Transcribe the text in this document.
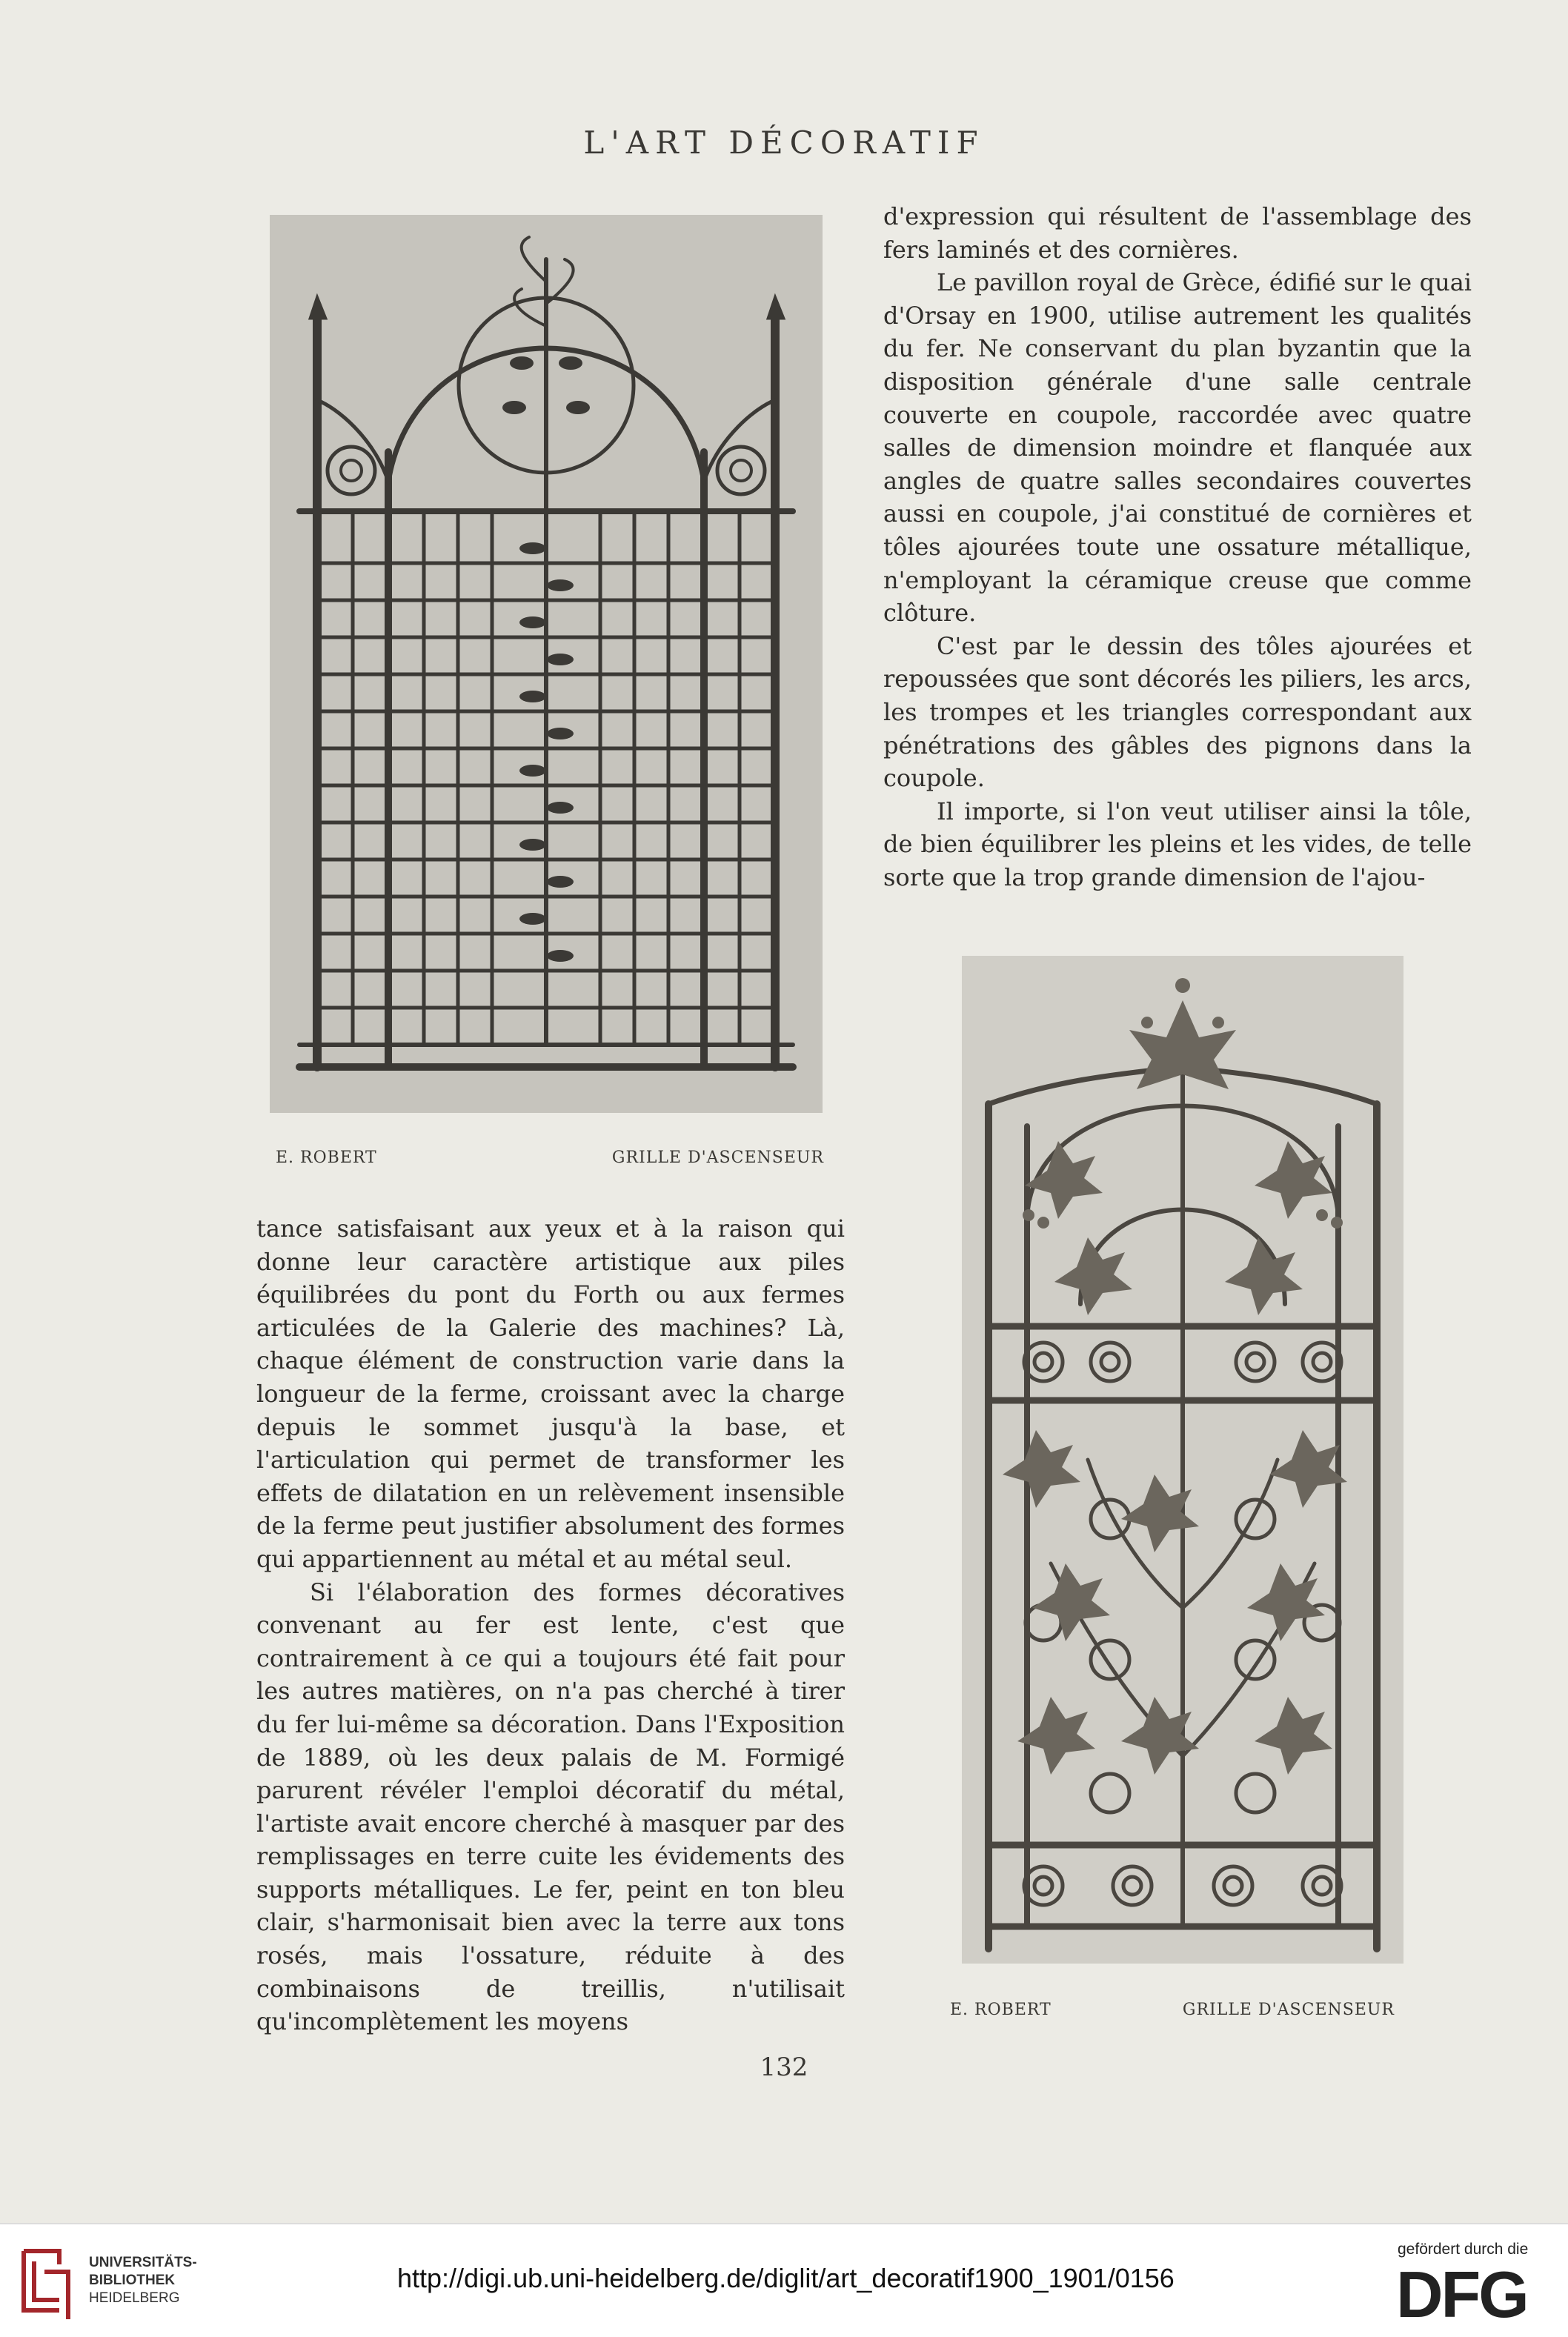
L'ART DÉCORATIF
E. ROBERT	GRILLE D'ASCENSEUR

d'expression qui résultent de l'assemblage des fers laminés et des cornières.

Le pavillon royal de Grèce, édifié sur le quai d'Orsay en 1900, utilise autrement les qualités du fer. Ne conservant du plan byzantin que la disposition générale d'une salle centrale couverte en coupole, raccordée avec quatre salles de dimension moindre et flanquée aux angles de quatre salles secondaires couvertes aussi en coupole, j'ai constitué de cornières et tôles ajourées toute une ossature métallique, n'employant la céramique creuse que comme clôture.

C'est par le dessin des tôles ajourées et repoussées que sont décorés les piliers, les arcs, les trompes et les triangles correspondant aux pénétrations des gâbles des pignons dans la coupole.

Il importe, si l'on veut utiliser ainsi la tôle, de bien équilibrer les pleins et les vides, de telle sorte que la trop grande dimension de l'ajou-

E. ROBERT	GRILLE D'ASCENSEUR

tance satisfaisant aux yeux et à la raison qui donne leur caractère artistique aux piles équilibrées du pont du Forth ou aux fermes articulées de la Galerie des machines? Là, chaque élément de construction varie dans la longueur de la ferme, croissant avec la charge depuis le sommet jusqu'à la base, et l'articulation qui permet de transformer les effets de dilatation en un relèvement insensible de la ferme peut justifier absolument des formes qui appartiennent au métal et au métal seul.

Si l'élaboration des formes décoratives convenant au fer est lente, c'est que contrairement à ce qui a toujours été fait pour les autres matières, on n'a pas cherché à tirer du fer lui-même sa décoration. Dans l'Exposition de 1889, où les deux palais de M. Formigé parurent révéler l'emploi décoratif du métal, l'artiste avait encore cherché à masquer par des remplissages en terre cuite les évidements des supports métalliques. Le fer, peint en ton bleu clair, s'harmonisait bien avec la terre aux tons rosés, mais l'ossature, réduite à des combinaisons de treillis, n'utilisait qu'incomplètement les moyens

132
UNIVERSITÄTS-
BIBLIOTHEK
HEIDELBERG
http://digi.ub.uni-heidelberg.de/diglit/art_decoratif1900_1901/0156
gefördert durch die
DFG
